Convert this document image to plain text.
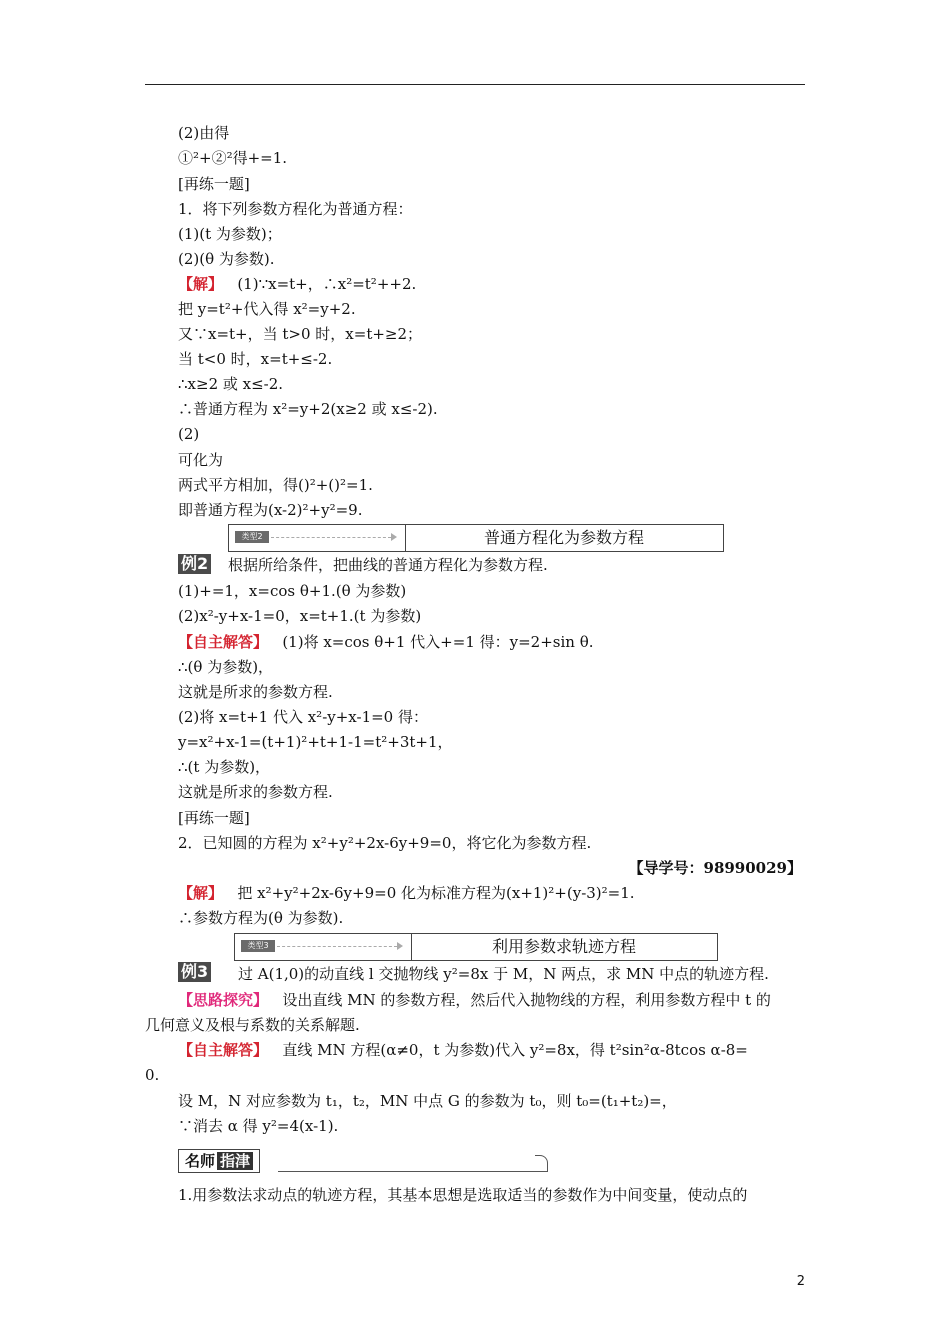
(2)由得
①²+②²得+=1.
[再练一题]
1．将下列参数方程化为普通方程：
(1)(t 为参数)；
(2)(θ 为参数).
【解】 (1)∵x=t+，∴x²=t²++2.
把 y=t²+代入得 x²=y+2.
又∵x=t+，当 t>0 时，x=t+≥2；
当 t<0 时，x=t+≤-2.
∴x≥2 或 x≤-2.
∴普通方程为 x²=y+2(x≥2 或 x≤-2).
(2)
可化为
两式平方相加，得()²+()²=1.
即普通方程为(x-2)²+y²=9.
类型2	普通方程化为参数方程
例2 根据所给条件，把曲线的普通方程化为参数方程.
(1)+=1，x=cos θ+1.(θ 为参数)
(2)x²-y+x-1=0，x=t+1.(t 为参数)
【自主解答】 (1)将 x=cos θ+1 代入+=1 得：y=2+sin θ.
∴(θ 为参数)，
这就是所求的参数方程.
(2)将 x=t+1 代入 x²-y+x-1=0 得：
y=x²+x-1=(t+1)²+t+1-1=t²+3t+1，
∴(t 为参数)，
这就是所求的参数方程.
[再练一题]
2．已知圆的方程为 x²+y²+2x-6y+9=0，将它化为参数方程.
【导学号：98990029】
【解】 把 x²+y²+2x-6y+9=0 化为标准方程为(x+1)²+(y-3)²=1.
∴参数方程为(θ 为参数).
类型3	利用参数求轨迹方程
例3 过 A(1,0)的动直线 l 交抛物线 y²=8x 于 M，N 两点，求 MN 中点的轨迹方程.
【思路探究】 设出直线 MN 的参数方程，然后代入抛物线的方程，利用参数方程中 t 的
几何意义及根与系数的关系解题.
【自主解答】 直线 MN 方程(α≠0，t 为参数)代入 y²=8x，得 t²sin²α-8tcos α-8=
0.
设 M，N 对应参数为 t₁，t₂，MN 中点 G 的参数为 t₀，则 t₀=(t₁+t₂)=，
∵消去 α 得 y²=4(x-1).
名师 指津
1.用参数法求动点的轨迹方程，其基本思想是选取适当的参数作为中间变量，使动点的
2
